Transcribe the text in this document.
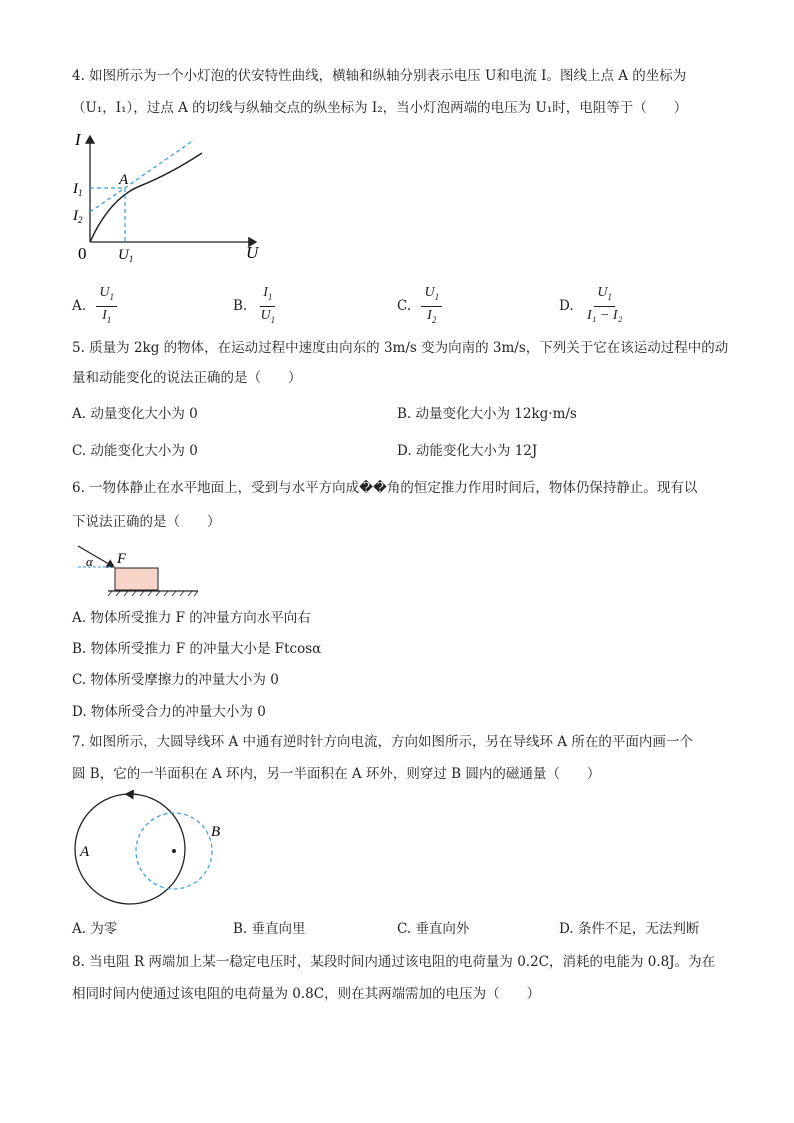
4. 如图所示为一个小灯泡的伏安特性曲线，横轴和纵轴分别表示电压 U和电流 I。图线上点 A 的坐标为
（U₁，I₁），过点 A 的切线与纵轴交点的纵坐标为 I₂，当小灯泡两端的电压为 U₁时，电阻等于（　　）
I
U
0
A
$I_1$
$I_2$
$U_1$
A. $\frac{U_1}{I_1}$	B. $\frac{I_1}{U_1}$	C. $\frac{U_1}{I_2}$	D. $\frac{U_1}{\text{I₁ − I₂}}$
5. 质量为 2kg 的物体，在运动过程中速度由向东的 3m/s 变为向南的 3m/s，下列关于它在该运动过程中的动
量和动能变化的说法正确的是（　　）
A. 动量变化大小为 0	B. 动量变化大小为 12kg·m/s
C. 动能变化大小为 0	D. 动能变化大小为 12J
6. 一物体静止在水平地面上，受到与水平方向成��角的恒定推力作用时间后，物体仍保持静止。现有以
下说法正确的是（　　）
F
α
A. 物体所受推力 F 的冲量方向水平向右
B. 物体所受推力 F 的冲量大小是 Ftcosα
C. 物体所受摩擦力的冲量大小为 0
D. 物体所受合力的冲量大小为 0
7. 如图所示，大圆导线环 A 中通有逆时针方向电流，方向如图所示，另在导线环 A 所在的平面内画一个
圆 B，它的一半面积在 A 环内，另一半面积在 A 环外，则穿过 B 圆内的磁通量（　　）
A
B
A. 为零	B. 垂直向里	C. 垂直向外	D. 条件不足，无法判断
8. 当电阻 R 两端加上某一稳定电压时，某段时间内通过该电阻的电荷量为 0.2C，消耗的电能为 0.8J。为在
相同时间内使通过该电阻的电荷量为 0.8C，则在其两端需加的电压为（　　）
